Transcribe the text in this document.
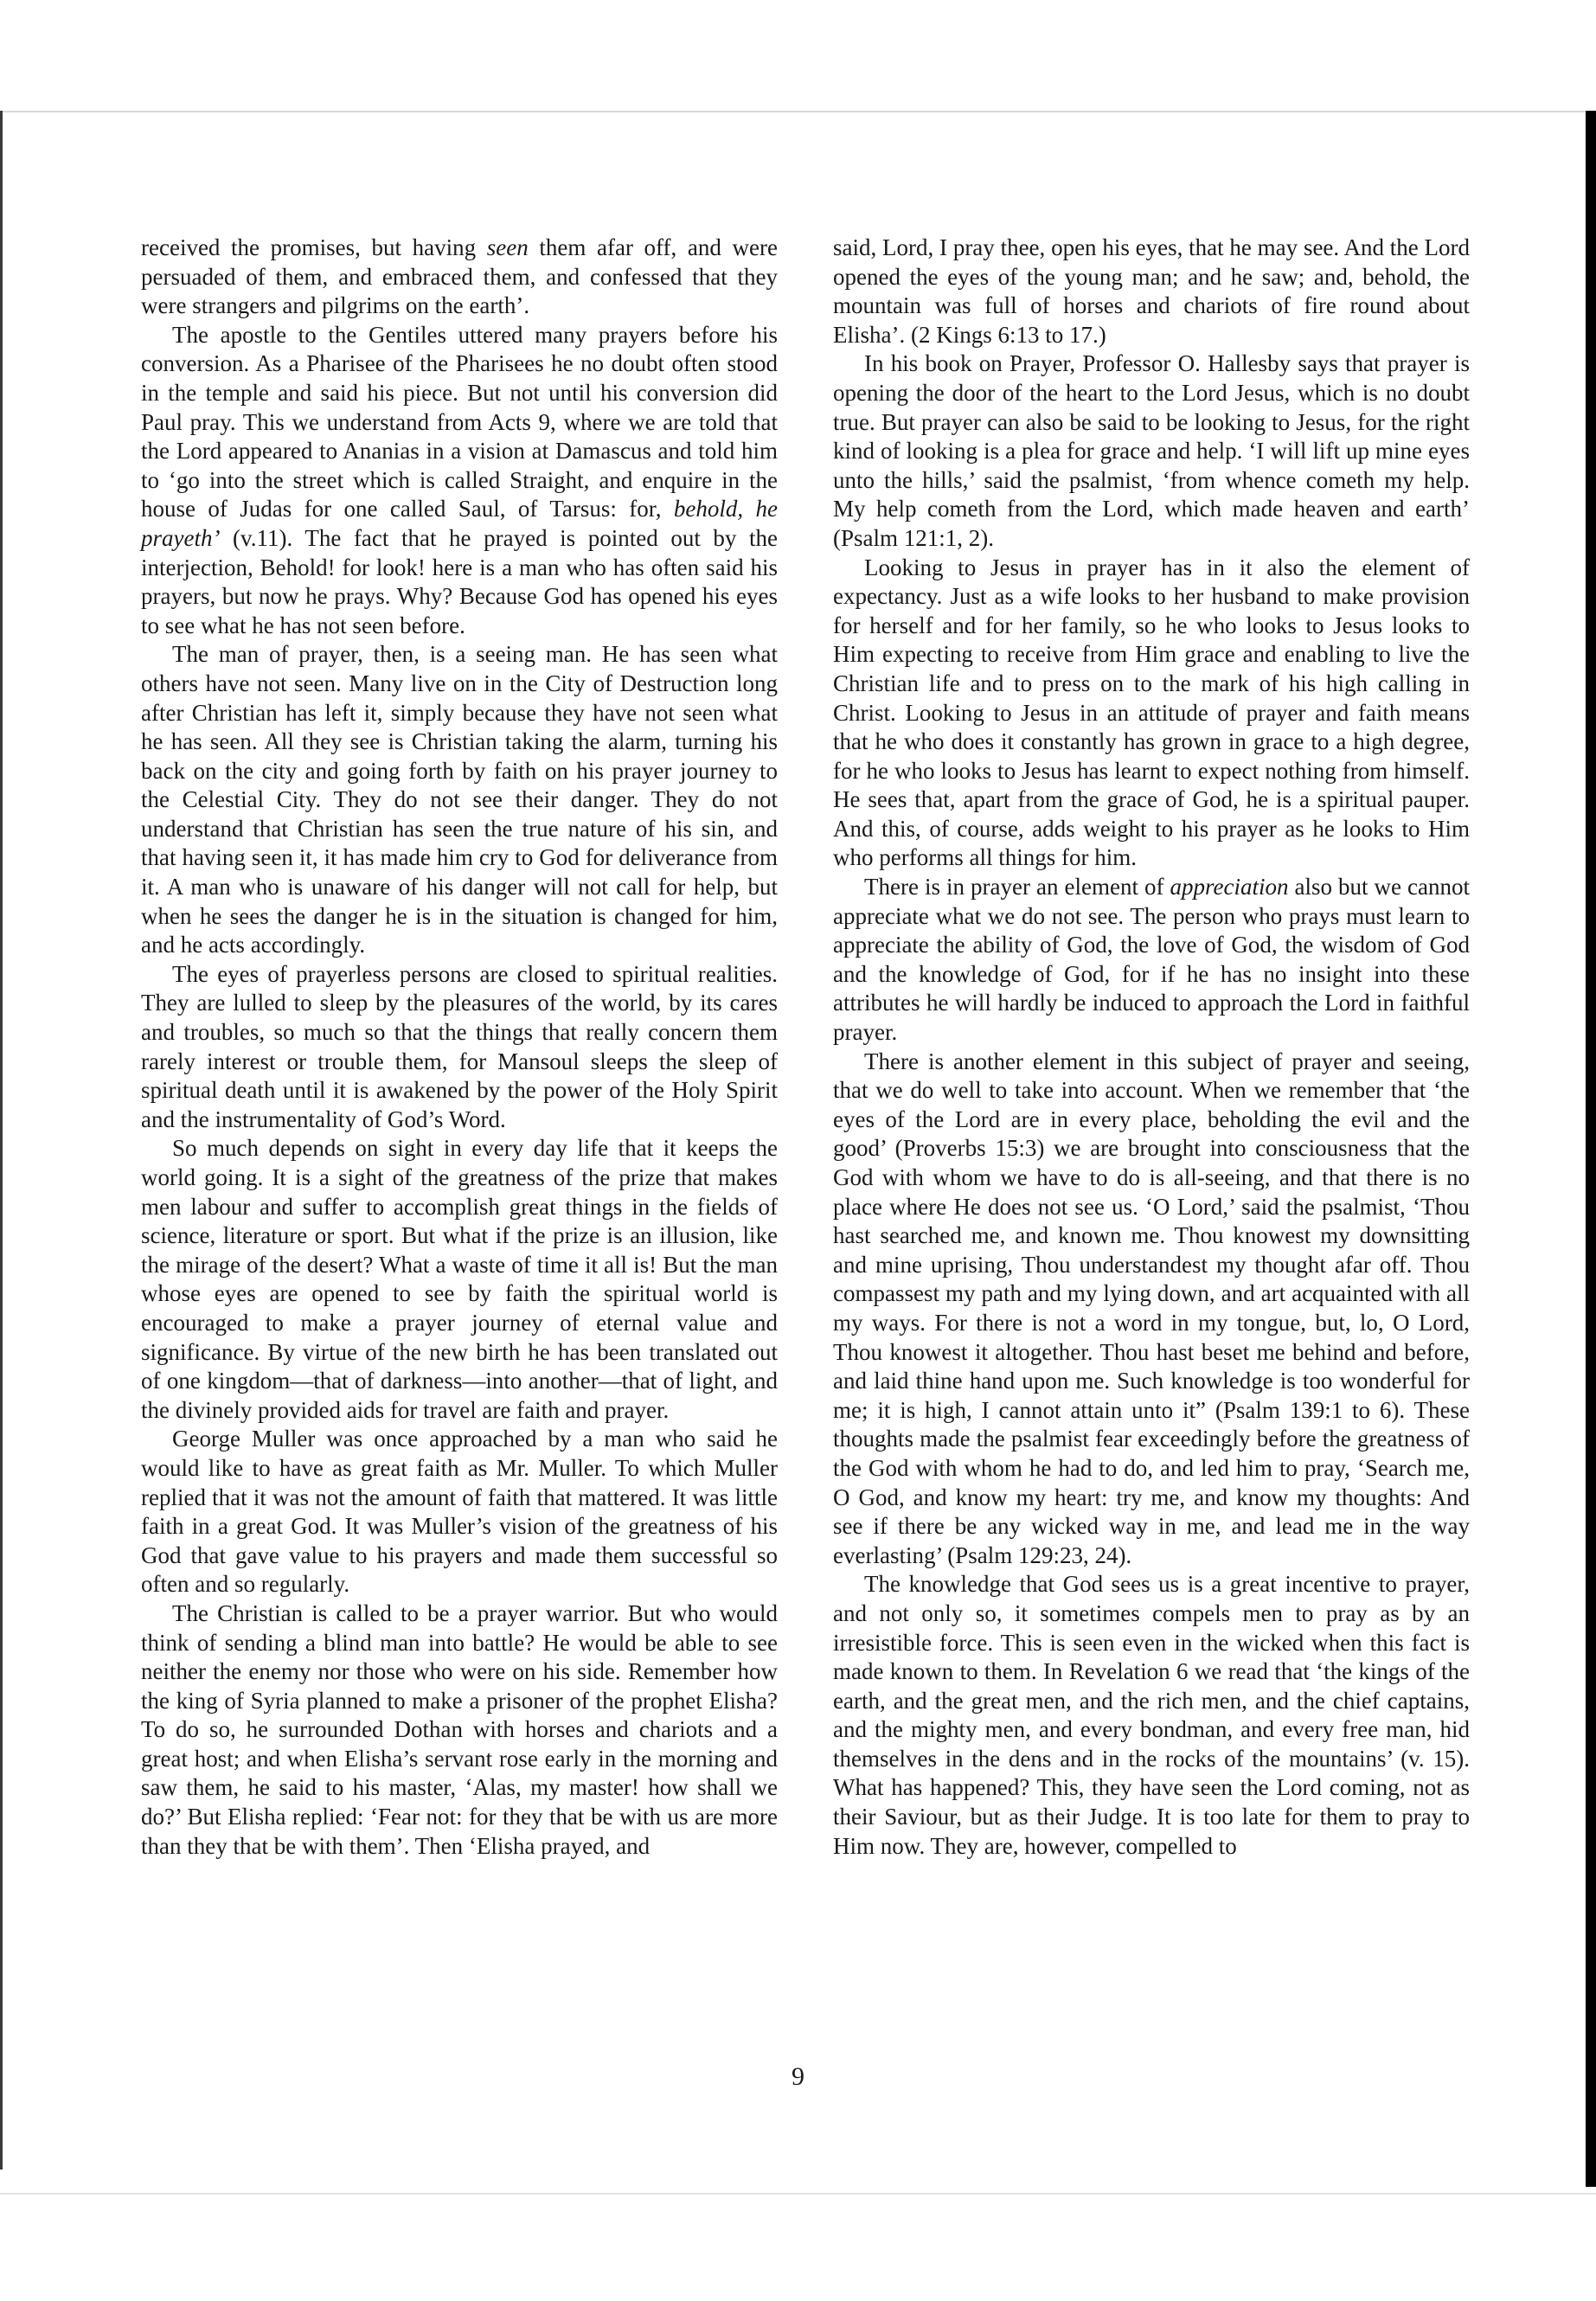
received the promises, but having seen them afar off, and were persuaded of them, and embraced them, and confessed that they were strangers and pilgrims on the earth’.

The apostle to the Gentiles uttered many prayers before his conversion. As a Pharisee of the Pharisees he no doubt often stood in the temple and said his piece. But not until his conversion did Paul pray. This we understand from Acts 9, where we are told that the Lord appeared to Ananias in a vision at Damascus and told him to ‘go into the street which is called Straight, and enquire in the house of Judas for one called Saul, of Tarsus: for, behold, he prayeth’ (v.11). The fact that he prayed is pointed out by the interjection, Behold! for look! here is a man who has often said his prayers, but now he prays. Why? Because God has opened his eyes to see what he has not seen before.

The man of prayer, then, is a seeing man. He has seen what others have not seen. Many live on in the City of Destruction long after Christian has left it, simply because they have not seen what he has seen. All they see is Christian taking the alarm, turning his back on the city and going forth by faith on his prayer journey to the Celestial City. They do not see their danger. They do not understand that Christian has seen the true nature of his sin, and that having seen it, it has made him cry to God for deliverance from it. A man who is unaware of his danger will not call for help, but when he sees the danger he is in the situation is changed for him, and he acts accordingly.

The eyes of prayerless persons are closed to spiritual realities. They are lulled to sleep by the pleasures of the world, by its cares and troubles, so much so that the things that really concern them rarely interest or trouble them, for Mansoul sleeps the sleep of spiritual death until it is awakened by the power of the Holy Spirit and the instrumentality of God’s Word.

So much depends on sight in every day life that it keeps the world going. It is a sight of the greatness of the prize that makes men labour and suffer to accomplish great things in the fields of science, literature or sport. But what if the prize is an illusion, like the mirage of the desert? What a waste of time it all is! But the man whose eyes are opened to see by faith the spiritual world is encouraged to make a prayer journey of eternal value and significance. By virtue of the new birth he has been translated out of one kingdom—that of darkness—into another—that of light, and the divinely provided aids for travel are faith and prayer.

George Muller was once approached by a man who said he would like to have as great faith as Mr. Muller. To which Muller replied that it was not the amount of faith that mattered. It was little faith in a great God. It was Muller’s vision of the greatness of his God that gave value to his prayers and made them successful so often and so regularly.

The Christian is called to be a prayer warrior. But who would think of sending a blind man into battle? He would be able to see neither the enemy nor those who were on his side. Remember how the king of Syria planned to make a prisoner of the prophet Elisha? To do so, he surrounded Dothan with horses and chariots and a great host; and when Elisha’s servant rose early in the morning and saw them, he said to his master, ‘Alas, my master! how shall we do?’ But Elisha replied: ‘Fear not: for they that be with us are more than they that be with them’. Then ‘Elisha prayed, and

said, Lord, I pray thee, open his eyes, that he may see. And the Lord opened the eyes of the young man; and he saw; and, behold, the mountain was full of horses and chariots of fire round about Elisha’. (2 Kings 6:13 to 17.)

In his book on Prayer, Professor O. Hallesby says that prayer is opening the door of the heart to the Lord Jesus, which is no doubt true. But prayer can also be said to be looking to Jesus, for the right kind of looking is a plea for grace and help. ‘I will lift up mine eyes unto the hills,’ said the psalmist, ‘from whence cometh my help. My help cometh from the Lord, which made heaven and earth’ (Psalm 121:1, 2).

Looking to Jesus in prayer has in it also the element of expectancy. Just as a wife looks to her husband to make provision for herself and for her family, so he who looks to Jesus looks to Him expecting to receive from Him grace and enabling to live the Christian life and to press on to the mark of his high calling in Christ. Looking to Jesus in an attitude of prayer and faith means that he who does it constantly has grown in grace to a high degree, for he who looks to Jesus has learnt to expect nothing from himself. He sees that, apart from the grace of God, he is a spiritual pauper. And this, of course, adds weight to his prayer as he looks to Him who performs all things for him.

There is in prayer an element of appreciation also but we cannot appreciate what we do not see. The person who prays must learn to appreciate the ability of God, the love of God, the wisdom of God and the knowledge of God, for if he has no insight into these attributes he will hardly be induced to approach the Lord in faithful prayer.

There is another element in this subject of prayer and seeing, that we do well to take into account. When we remember that ‘the eyes of the Lord are in every place, beholding the evil and the good’ (Proverbs 15:3) we are brought into consciousness that the God with whom we have to do is all-seeing, and that there is no place where He does not see us. ‘O Lord,’ said the psalmist, ‘Thou hast searched me, and known me. Thou knowest my downsitting and mine uprising, Thou understandest my thought afar off. Thou compassest my path and my lying down, and art acquainted with all my ways. For there is not a word in my tongue, but, lo, O Lord, Thou knowest it altogether. Thou hast beset me behind and before, and laid thine hand upon me. Such knowledge is too wonderful for me; it is high, I cannot attain unto it” (Psalm 139:1 to 6). These thoughts made the psalmist fear exceedingly before the greatness of the God with whom he had to do, and led him to pray, ‘Search me, O God, and know my heart: try me, and know my thoughts: And see if there be any wicked way in me, and lead me in the way everlasting’ (Psalm 129:23, 24).

The knowledge that God sees us is a great incentive to prayer, and not only so, it sometimes compels men to pray as by an irresistible force. This is seen even in the wicked when this fact is made known to them. In Revelation 6 we read that ‘the kings of the earth, and the great men, and the rich men, and the chief captains, and the mighty men, and every bondman, and every free man, hid themselves in the dens and in the rocks of the mountains’ (v. 15). What has happened? This, they have seen the Lord coming, not as their Saviour, but as their Judge. It is too late for them to pray to Him now. They are, however, compelled to

9
